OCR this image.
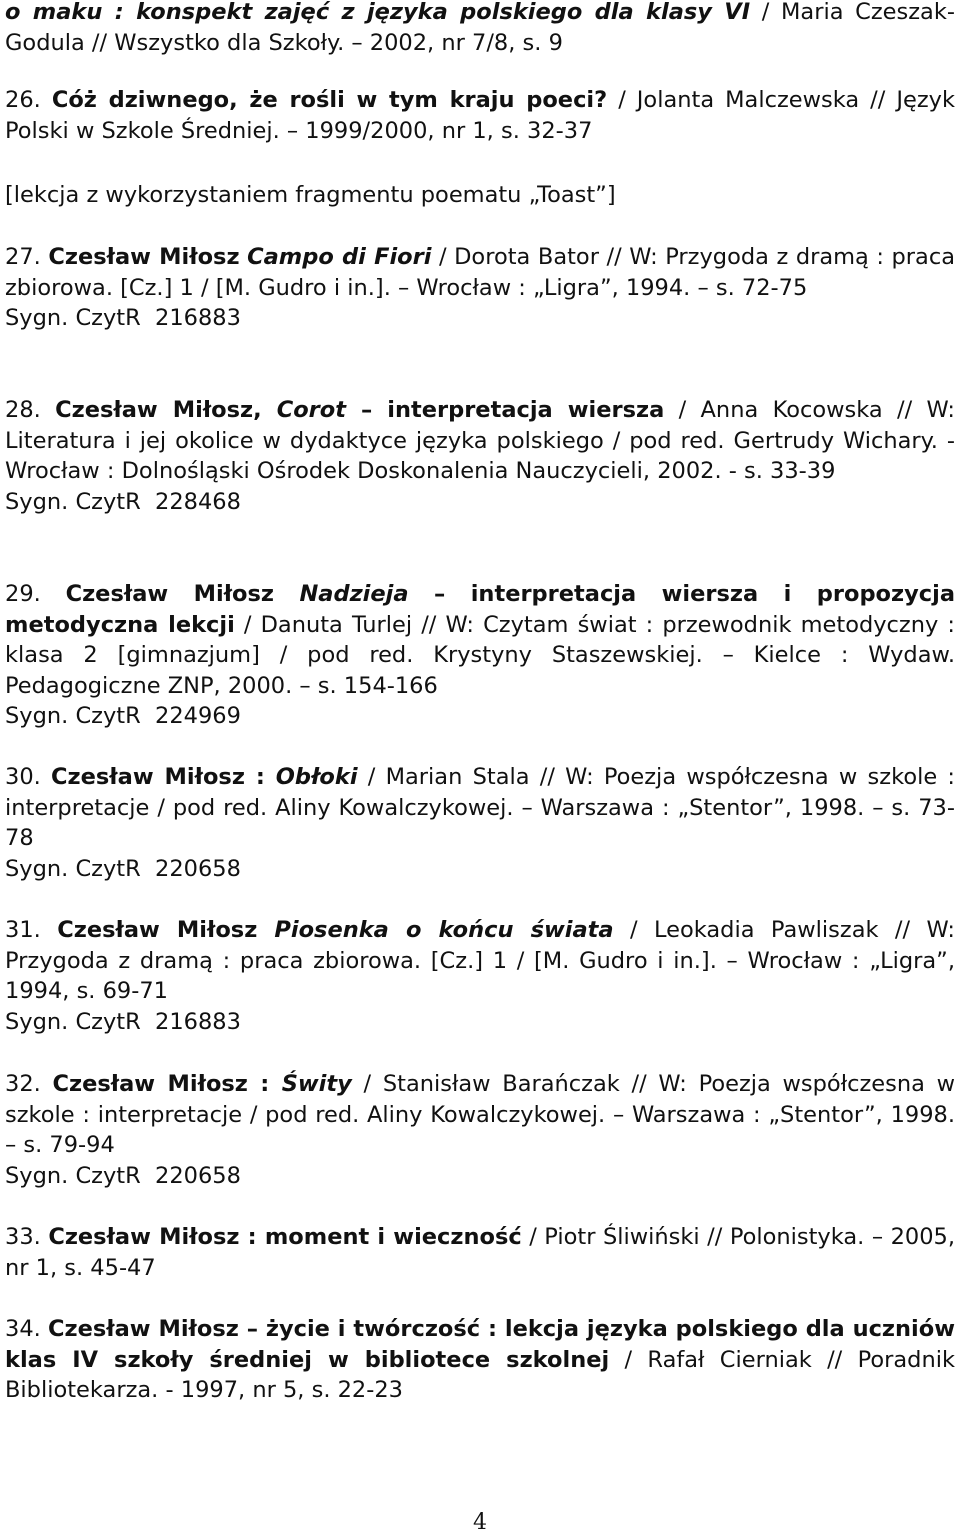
o maku : konspekt zajęć z języka polskiego dla klasy VI / Maria Czeszak-Godula // Wszystko dla Szkoły. – 2002, nr 7/8, s. 9
26. Cóż dziwnego, że rośli w tym kraju poeci? / Jolanta Malczewska // Język Polski w Szkole Średniej. – 1999/2000, nr 1, s. 32-37
[lekcja z wykorzystaniem fragmentu poematu „Toast”]
27. Czesław Miłosz Campo di Fiori / Dorota Bator // W: Przygoda z dramą : praca zbiorowa. [Cz.] 1 / [M. Gudro i in.]. – Wrocław : „Ligra”, 1994. – s. 72-75

Sygn. CzytR  216883

28. Czesław Miłosz, Corot – interpretacja wiersza / Anna Kocowska // W: Literatura i jej okolice w dydaktyce języka polskiego / pod red. Gertrudy Wichary. - Wrocław : Dolnośląski Ośrodek Doskonalenia Nauczycieli, 2002. - s. 33-39

Sygn. CzytR  228468

29. Czesław Miłosz Nadzieja – interpretacja wiersza i propozycja metodyczna lekcji / Danuta Turlej // W: Czytam świat : przewodnik metodyczny : klasa 2 [gimnazjum] / pod red. Krystyny Staszewskiej. – Kielce : Wydaw. Pedagogiczne ZNP, 2000. – s. 154-166

Sygn. CzytR  224969

30. Czesław Miłosz : Obłoki / Marian Stala // W: Poezja współczesna w szkole : interpretacje / pod red. Aliny Kowalczykowej. – Warszawa : „Stentor”, 1998. – s. 73-78

Sygn. CzytR  220658

31. Czesław Miłosz Piosenka o końcu świata / Leokadia Pawliszak // W: Przygoda z dramą : praca zbiorowa. [Cz.] 1 / [M. Gudro i in.]. – Wrocław : „Ligra”, 1994, s. 69-71

Sygn. CzytR  216883

32. Czesław Miłosz : Świty / Stanisław Barańczak // W: Poezja współczesna w szkole : interpretacje / pod red. Aliny Kowalczykowej. – Warszawa : „Stentor”, 1998. – s. 79-94

Sygn. CzytR  220658

33. Czesław Miłosz : moment i wieczność / Piotr Śliwiński // Polonistyka. – 2005, nr 1, s. 45-47
34. Czesław Miłosz – życie i twórczość : lekcja języka polskiego dla uczniów klas IV szkoły średniej w bibliotece szkolnej / Rafał Cierniak // Poradnik Bibliotekarza. - 1997, nr 5, s. 22-23
4
